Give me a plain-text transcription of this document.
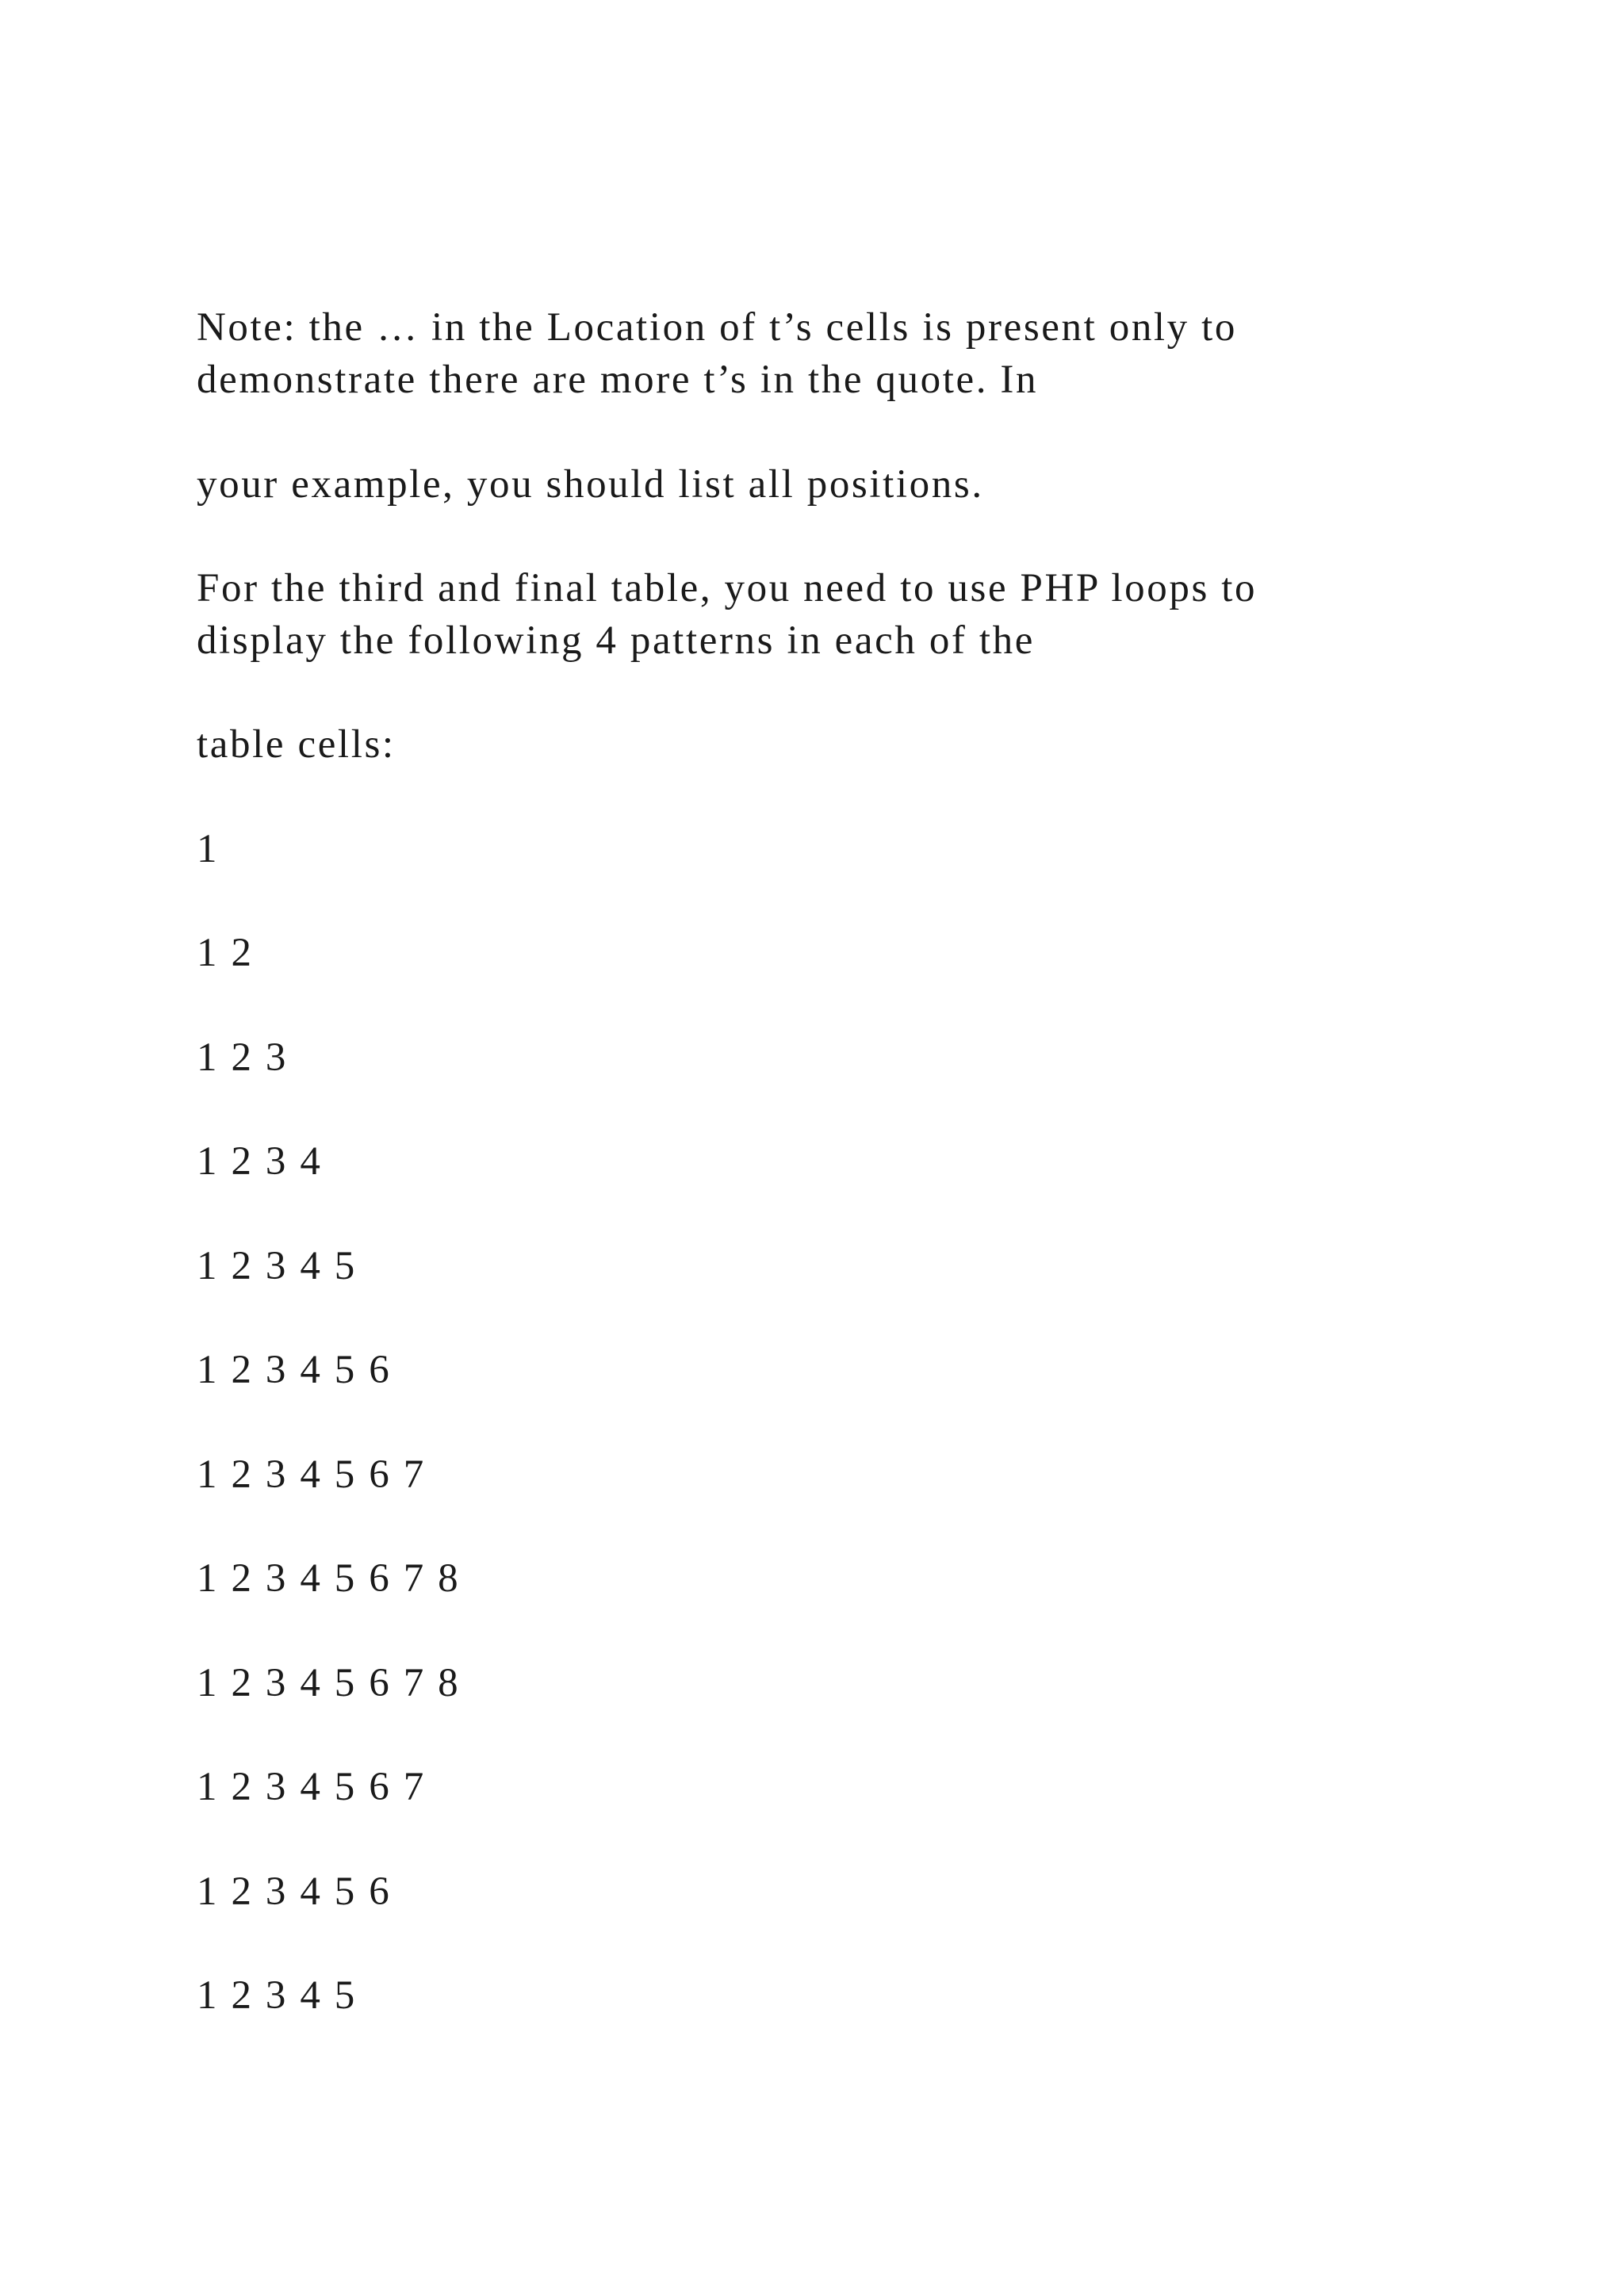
Note: the … in the Location of t’s cells is present only to

demonstrate there are more t’s in the quote. In

your example, you should list all positions.

For the third and final table, you need to use PHP loops to

display the following 4 patterns in each of the

table cells:

1

1 2

1 2 3

1 2 3 4

1 2 3 4 5

1 2 3 4 5 6

1 2 3 4 5 6 7

1 2 3 4 5 6 7 8

1 2 3 4 5 6 7 8

1 2 3 4 5 6 7

1 2 3 4 5 6

1 2 3 4 5
